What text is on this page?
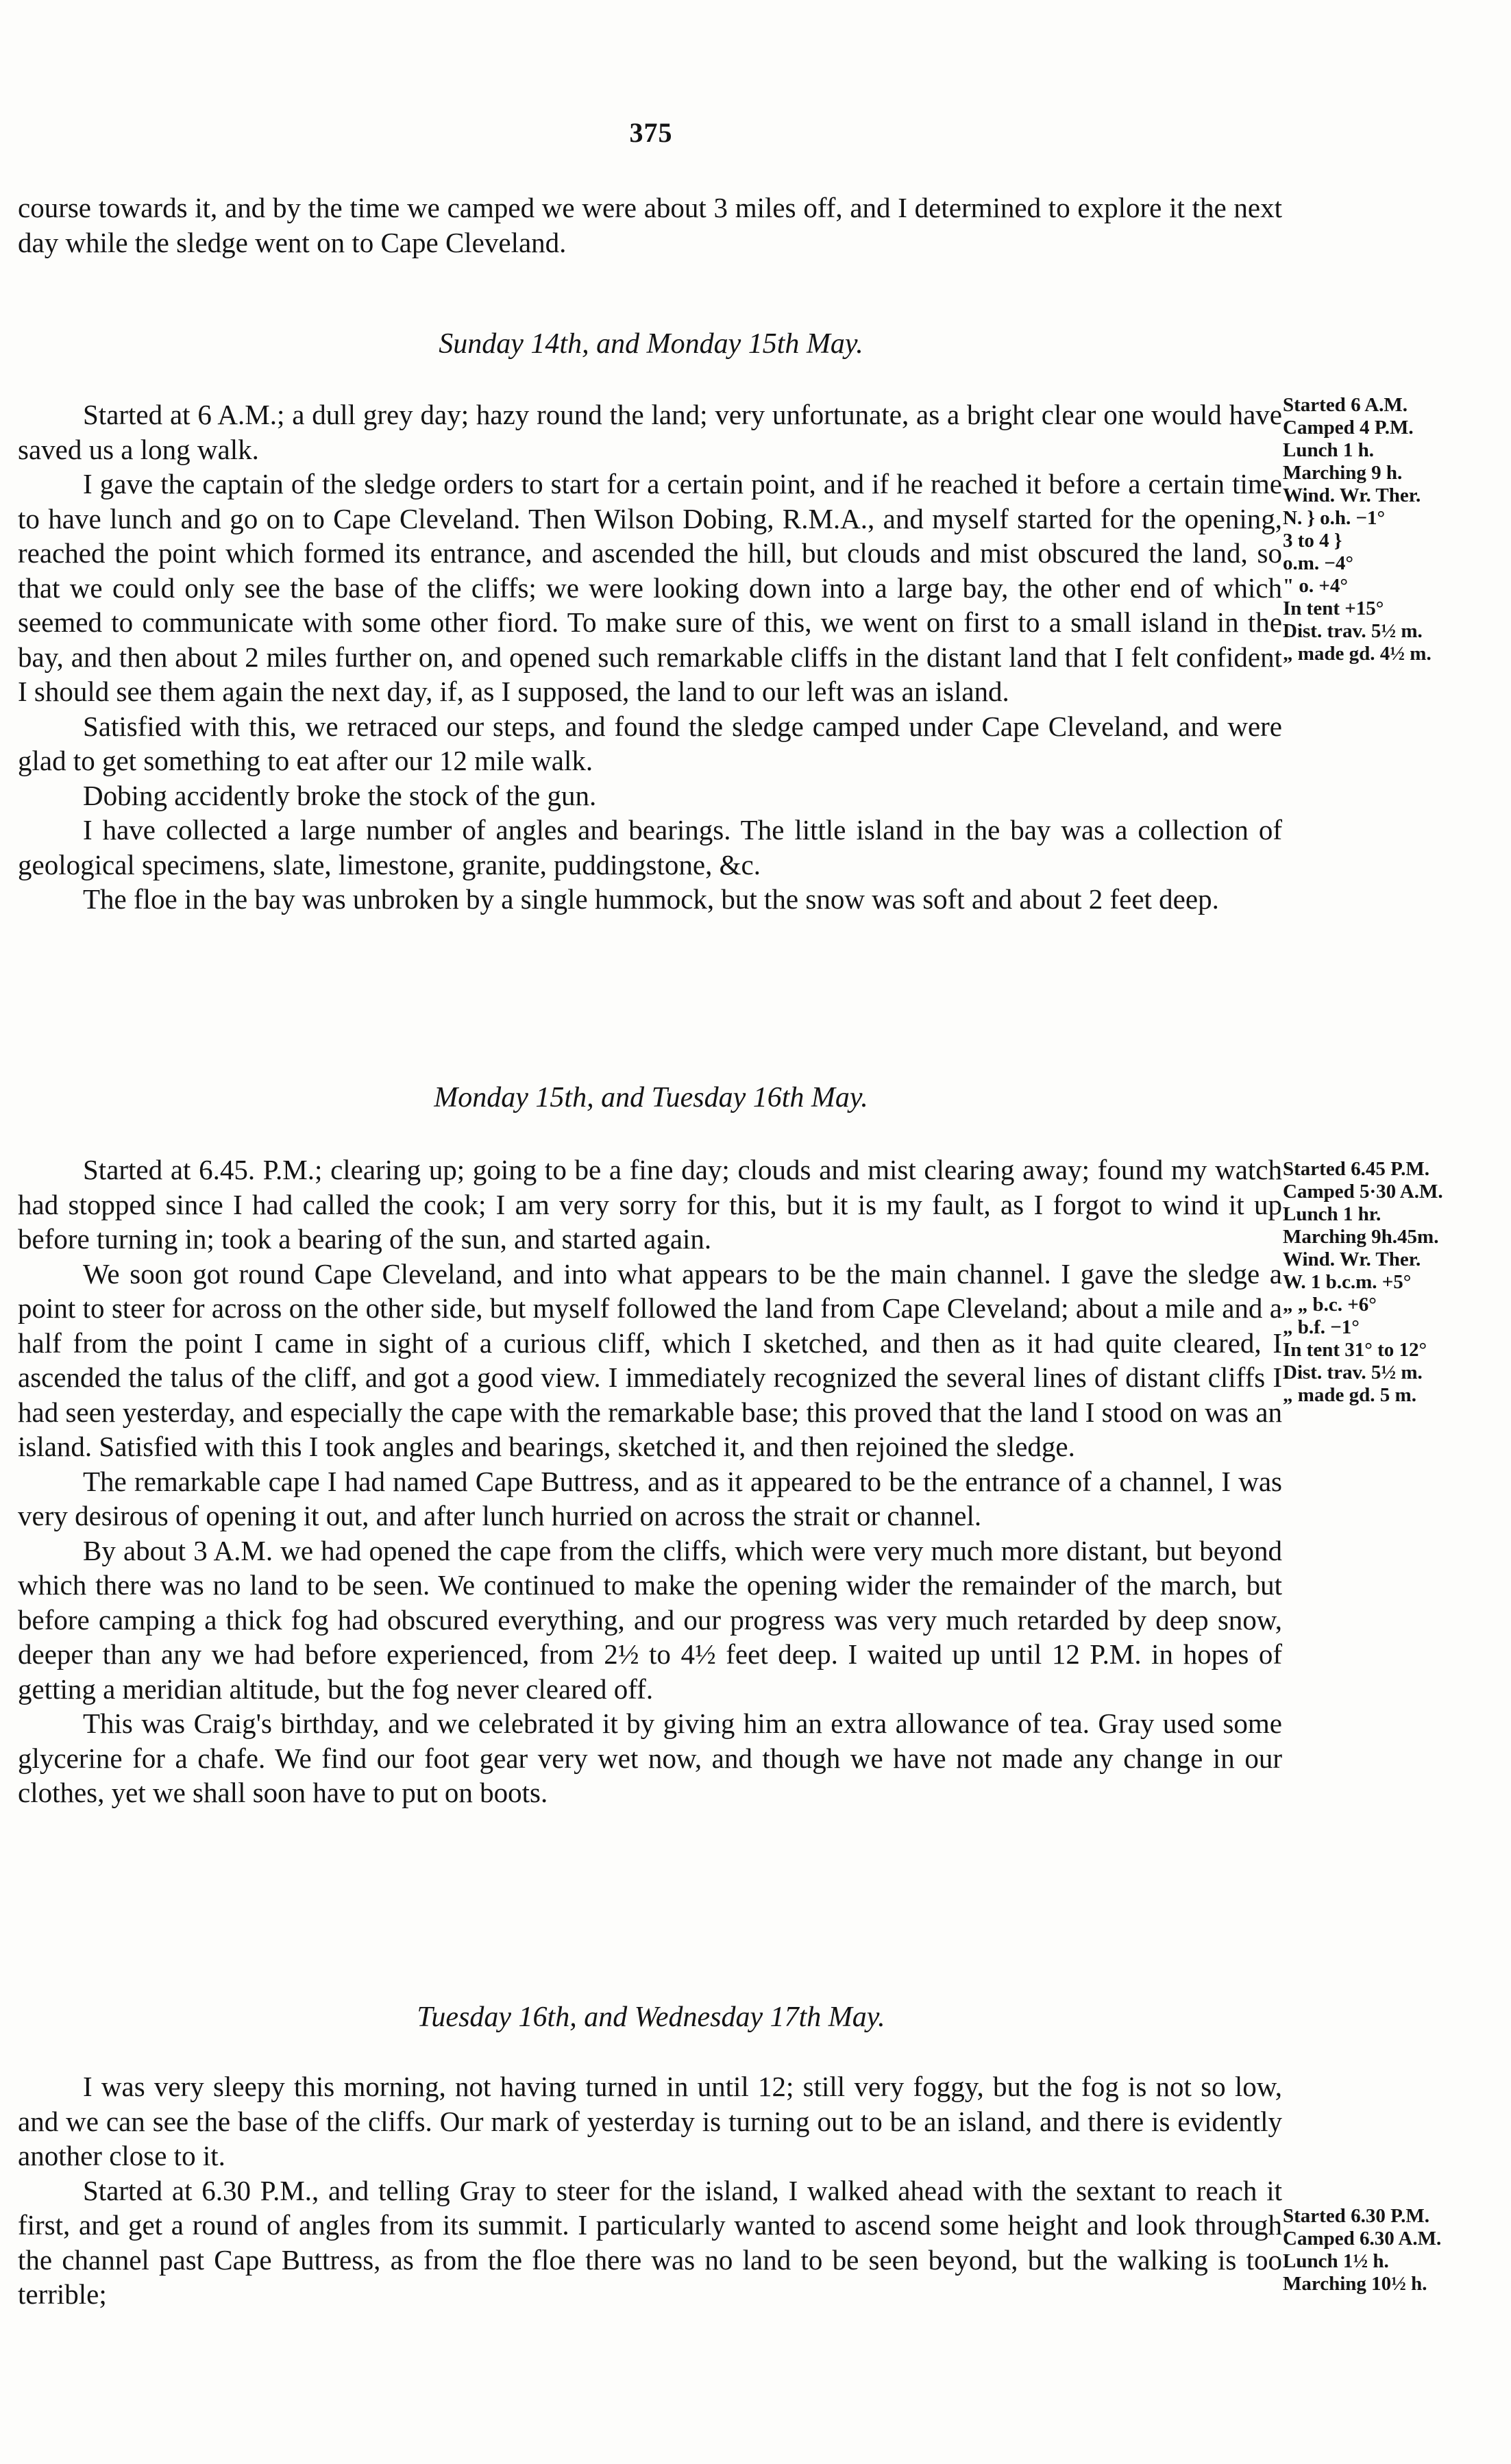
375

course towards it, and by the time we camped we were about 3 miles off, and I determined to explore it the next day while the sledge went on to Cape Cleveland.

Sunday 14th, and Monday 15th May.

Started at 6 A.M.; a dull grey day; hazy round the land; very unfortunate, as a bright clear one would have saved us a long walk.

I gave the captain of the sledge orders to start for a certain point, and if he reached it before a certain time to have lunch and go on to Cape Cleveland. Then Wilson Dobing, R.M.A., and myself started for the opening, reached the point which formed its entrance, and ascended the hill, but clouds and mist obscured the land, so that we could only see the base of the cliffs; we were looking down into a large bay, the other end of which seemed to communicate with some other fiord. To make sure of this, we went on first to a small island in the bay, and then about 2 miles further on, and opened such remarkable cliffs in the distant land that I felt confident I should see them again the next day, if, as I supposed, the land to our left was an island.

Satisfied with this, we retraced our steps, and found the sledge camped under Cape Cleveland, and were glad to get something to eat after our 12 mile walk.

Dobing accidently broke the stock of the gun.

I have collected a large number of angles and bearings. The little island in the bay was a collection of geological specimens, slate, limestone, granite, puddingstone, &c.

The floe in the bay was unbroken by a single hummock, but the snow was soft and about 2 feet deep.

Started 6 A.M.
Camped 4 P.M.
Lunch 1 h.
Marching 9 h.
Wind. Wr. Ther.
N. } o.h. −1°
3 to 4 }
o.m. −4°
" o. +4°
In tent +15°
Dist. trav. 5½ m.
„ made gd. 4½ m.
Monday 15th, and Tuesday 16th May.

Started at 6.45. P.M.; clearing up; going to be a fine day; clouds and mist clearing away; found my watch had stopped since I had called the cook; I am very sorry for this, but it is my fault, as I forgot to wind it up before turning in; took a bearing of the sun, and started again.

We soon got round Cape Cleveland, and into what appears to be the main channel. I gave the sledge a point to steer for across on the other side, but myself followed the land from Cape Cleveland; about a mile and a half from the point I came in sight of a curious cliff, which I sketched, and then as it had quite cleared, I ascended the talus of the cliff, and got a good view. I immediately recognized the several lines of distant cliffs I had seen yesterday, and especially the cape with the remarkable base; this proved that the land I stood on was an island. Satisfied with this I took angles and bearings, sketched it, and then rejoined the sledge.

The remarkable cape I had named Cape Buttress, and as it appeared to be the entrance of a channel, I was very desirous of opening it out, and after lunch hurried on across the strait or channel.

By about 3 A.M. we had opened the cape from the cliffs, which were very much more distant, but beyond which there was no land to be seen. We continued to make the opening wider the remainder of the march, but before camping a thick fog had obscured everything, and our progress was very much retarded by deep snow, deeper than any we had before experienced, from 2½ to 4½ feet deep. I waited up until 12 P.M. in hopes of getting a meridian altitude, but the fog never cleared off.

This was Craig's birthday, and we celebrated it by giving him an extra allowance of tea. Gray used some glycerine for a chafe. We find our foot gear very wet now, and though we have not made any change in our clothes, yet we shall soon have to put on boots.

Started 6.45 P.M.
Camped 5·30 A.M.
Lunch 1 hr.
Marching 9h.45m.
Wind. Wr. Ther.
W. 1 b.c.m. +5°
„ „ b.c. +6°
„ b.f. −1°
In tent 31° to 12°
Dist. trav. 5½ m.
„ made gd. 5 m.
Tuesday 16th, and Wednesday 17th May.

I was very sleepy this morning, not having turned in until 12; still very foggy, but the fog is not so low, and we can see the base of the cliffs. Our mark of yesterday is turning out to be an island, and there is evidently another close to it.

Started at 6.30 P.M., and telling Gray to steer for the island, I walked ahead with the sextant to reach it first, and get a round of angles from its summit. I particularly wanted to ascend some height and look through the channel past Cape Buttress, as from the floe there was no land to be seen beyond, but the walking is too terrible;

Started 6.30 P.M.
Camped 6.30 A.M.
Lunch 1½ h.
Marching 10½ h.
